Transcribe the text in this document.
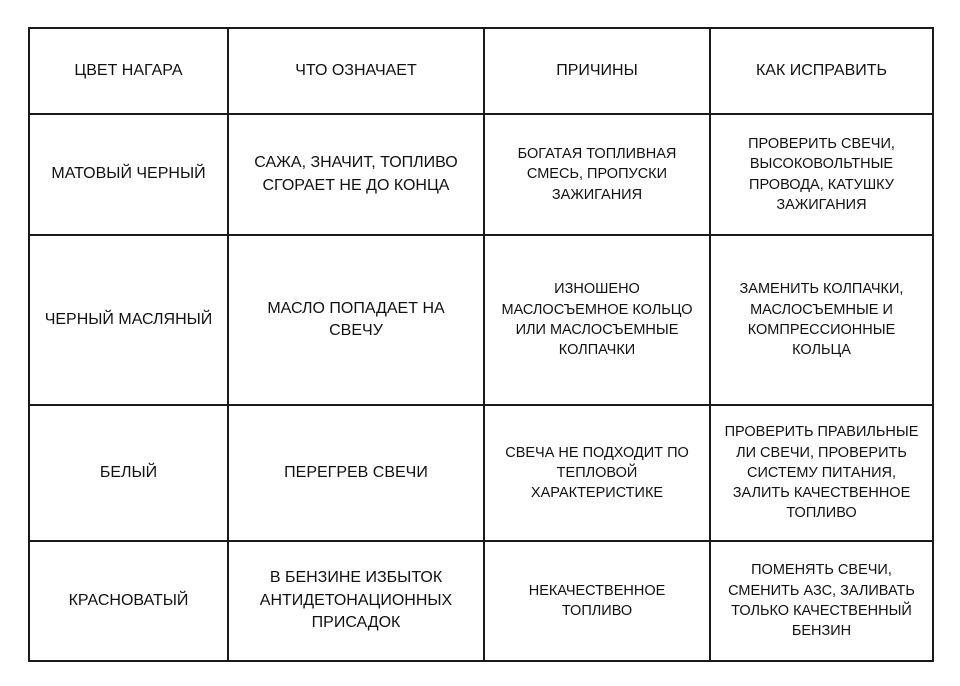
ЦВЕТ НАГАРА	ЧТО ОЗНАЧАЕТ	ПРИЧИНЫ	КАК ИСПРАВИТЬ
МАТОВЫЙ ЧЕРНЫЙ	САЖА, ЗНАЧИТ, ТОПЛИВО СГОРАЕТ НЕ ДО КОНЦА	БОГАТАЯ ТОПЛИВНАЯ СМЕСЬ, ПРОПУСКИ ЗАЖИГАНИЯ	ПРОВЕРИТЬ СВЕЧИ, ВЫСОКОВОЛЬТНЫЕ ПРОВОДА, КАТУШКУ ЗАЖИГАНИЯ
ЧЕРНЫЙ МАСЛЯНЫЙ	МАСЛО ПОПАДАЕТ НА СВЕЧУ	ИЗНОШЕНО МАСЛОСЪЕМНОЕ КОЛЬЦО ИЛИ МАСЛОСЪЕМНЫЕ КОЛПАЧКИ	ЗАМЕНИТЬ КОЛПАЧКИ, МАСЛОСЪЕМНЫЕ И КОМПРЕССИОННЫЕ КОЛЬЦА
БЕЛЫЙ	ПЕРЕГРЕВ СВЕЧИ	СВЕЧА НЕ ПОДХОДИТ ПО ТЕПЛОВОЙ ХАРАКТЕРИСТИКЕ	ПРОВЕРИТЬ ПРАВИЛЬНЫЕ ЛИ СВЕЧИ, ПРОВЕРИТЬ СИСТЕМУ ПИТАНИЯ, ЗАЛИТЬ КАЧЕСТВЕННОЕ ТОПЛИВО
КРАСНОВАТЫЙ	В БЕНЗИНЕ ИЗБЫТОК АНТИДЕТОНАЦИОННЫХ ПРИСАДОК	НЕКАЧЕСТВЕННОЕ ТОПЛИВО	ПОМЕНЯТЬ СВЕЧИ, СМЕНИТЬ АЗС, ЗАЛИВАТЬ ТОЛЬКО КАЧЕСТВЕННЫЙ БЕНЗИН
